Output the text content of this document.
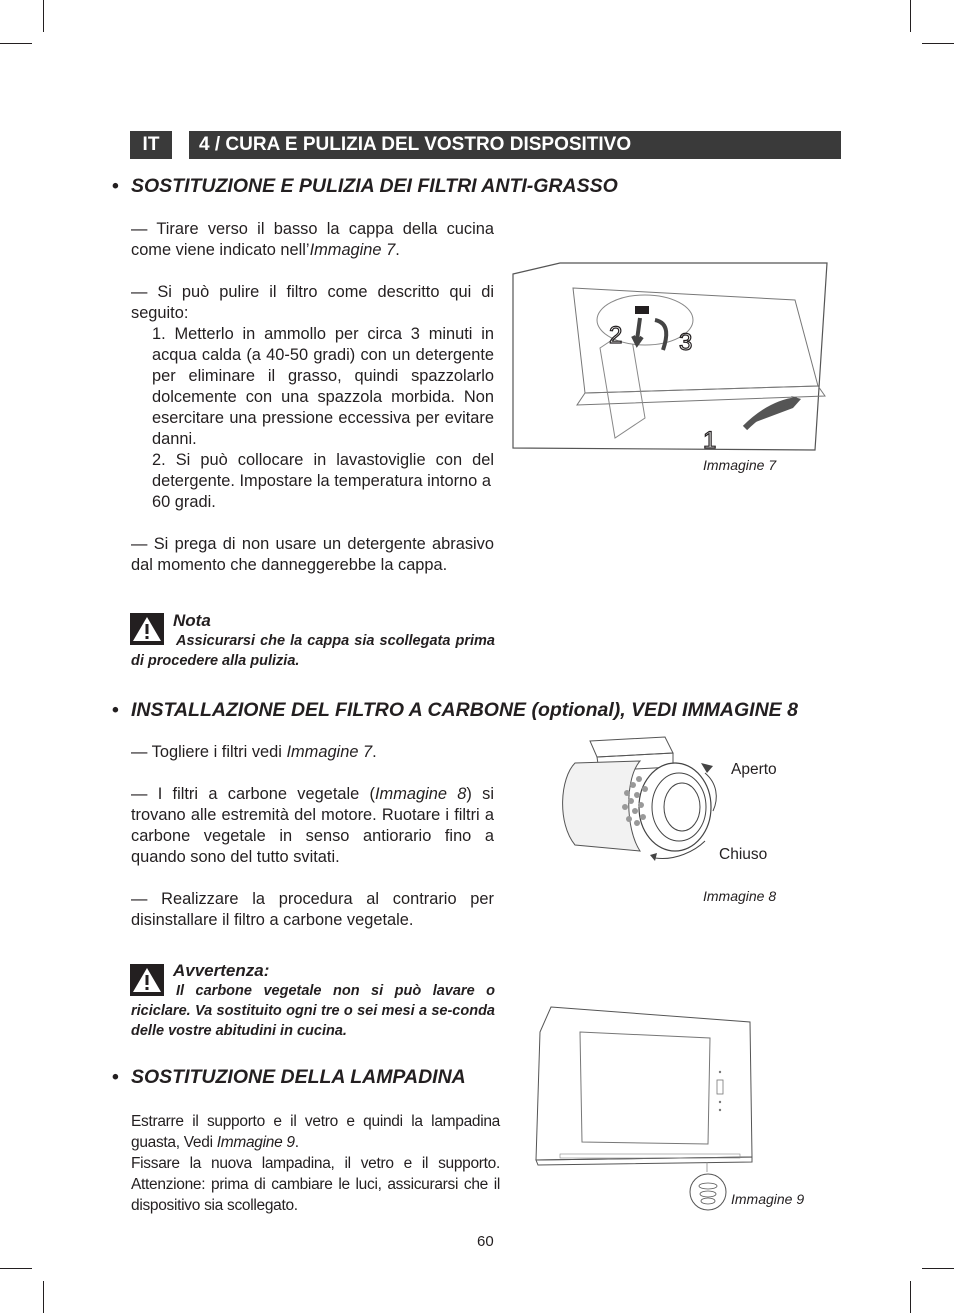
IT	4 / CURA E PULIZIA DEL VOSTRO DISPOSITIVO
• SOSTITUZIONE E PULIZIA DEI FILTRI ANTI-GRASSO

— Tirare verso il basso la cappa della cucina come viene indicato nell’Immagine 7.

— Si può pulire il filtro come descritto qui di seguito:

1. Metterlo in ammollo per circa 3 minuti in acqua calda (a 40-50 gradi) con un detergente per eliminare il grasso, quindi spazzolarlo dolcemente con una spazzola morbida. Non esercitare una pressione eccessiva per evitare danni.

2. Si può collocare in lavastoviglie con del detergente. Impostare la temperatura intorno a

60 gradi.

— Si prega di non usare un detergente abrasivo dal momento che danneggerebbe la cappa.

Nota
Assicurarsi che la cappa sia scollegata prima di procedere alla pulizia.
2 3
1
Immagine 7
• INSTALLAZIONE DEL FILTRO A CARBONE (optional), VEDI IMMAGINE 8

— Togliere i filtri vedi Immagine 7.

— I filtri a carbone vegetale (Immagine 8) si trovano alle estremità del motore. Ruotare i filtri a carbone vegetale in senso antiorario fino a quando sono del tutto svitati.

— Realizzare la procedura al contrario per disinstallare il filtro a carbone vegetale.

Avvertenza:
Il carbone vegetale non si può lavare o riciclare. Va sostituito ogni tre o sei mesi a se-conda delle vostre abitudini in cucina.
Aperto
Chiuso
Immagine 8
• SOSTITUZIONE DELLA LAMPADINA

Estrarre il supporto e il vetro e quindi la lampadina guasta, Vedi Immagine 9.

Fissare la nuova lampadina, il vetro e il supporto. Attenzione: prima di cambiare le luci, assicurarsi che il dispositivo sia scollegato.	Immagine 9
60
